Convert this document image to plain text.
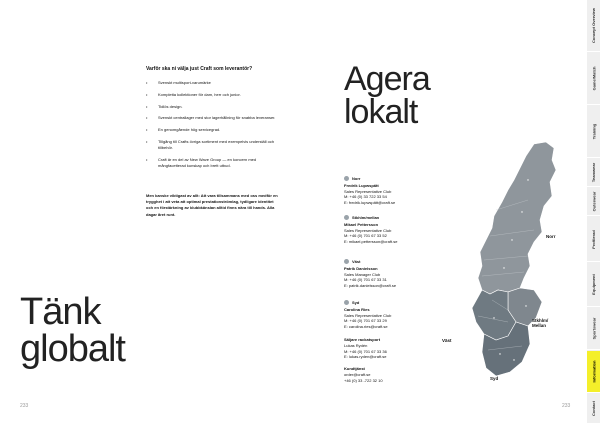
Varför ska ni välja just Craft som leverantör?
• Svenskt multisport-varumärke
• Kompletta kollektioner för dam, herr och junior.
• Tidlös design.
• Svenskt centrallager med stor lagerhållning för snabba leveranser.
• En genomgående hög servicegrad.
• Tillgång till Crafts övriga sortiment med exempelvis underställ och tillbehör.
• Craft är en del av New Wave Group — en koncern med mångfacetterad kunskap och brett utbud.

Men kanske viktigast av allt: Att vara tillsammans med oss medför en trygghet i att veta att optimal prestationströmlag, tydligare identitet och en förstärkning av klubbkänslan alltid finns nära till hands. Alla dagar året runt.

Tänk
globalt
233
Agera
lokalt
Norr
Fredrik Lupwspätt
Sales Representative Club
M: +46 (0) 33 722 33 54
E: fredrik.lupwspätt@craft.se
Stkhlm/mellan
Mikael Pettersson
Sales Representative Club
M: +46 (0) 701 67 33 52
E: mikael.pettersson@craft.se
Väst
Patrik Danielsson
Sales Manager Club
M: +46 (0) 701 67 33 31
E: patrik.danielsson@craft.se
Syd
Carolina Ries
Sales Representative Club
M: +46 (0) 701 67 33 29
E: carolina.ries@craft.se
Säljare rackatsport
Lukas Rydén
M: +46 (0) 701 67 33 36
E: lukas.ryden@craft.se
Kundtjänst
order@craft.se
+46 (0) 33 -722 32 10
Norr
Stkhlm/
Mellan
Väst
Syd
233
Concept Overview
Game/Match
Training
Teamwear
Outerwear
Profilerad
Equipment
Sportswear
Information
Contact
